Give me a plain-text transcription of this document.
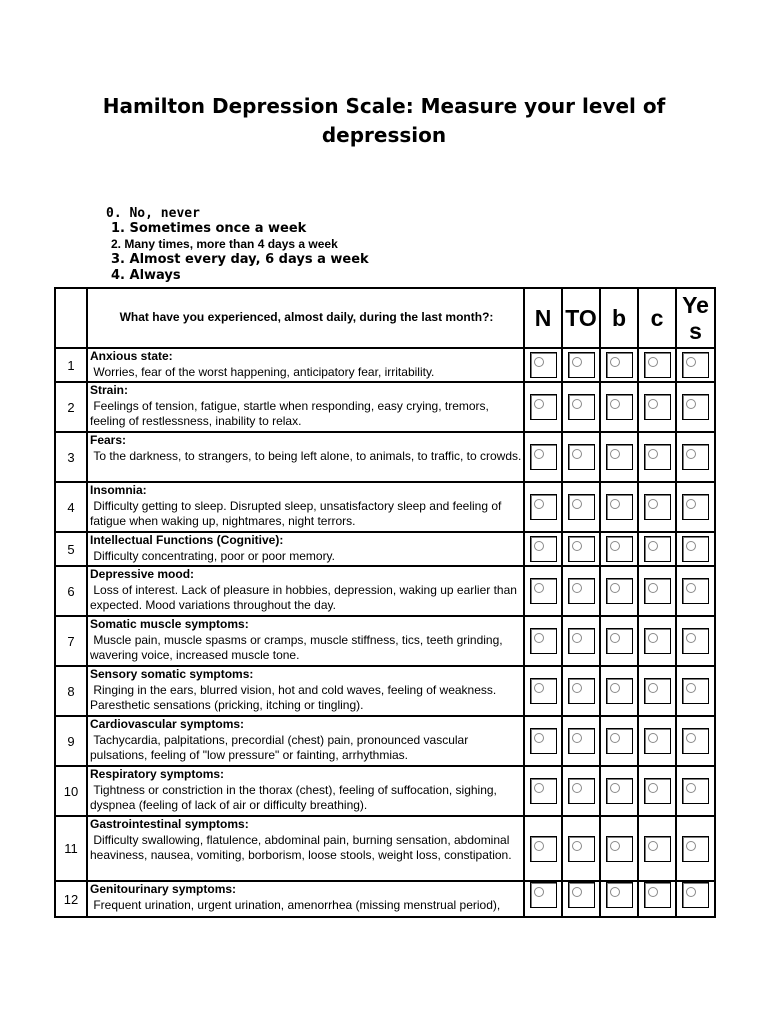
Hamilton Depression Scale: Measure your level of depression
0. No, never
1. Sometimes once a week
2. Many times, more than 4 days a week
3. Almost every day, 6 days a week
4. Always
	What have you experienced, almost daily, during the last month?:	N	TO	b	c	Ye s
1	Anxious state:
Worries, fear of the worst happening, anticipatory fear, irritability.	

2	Strain:
Feelings of tension, fatigue, startle when responding, easy crying, tremors, feeling of restlessness, inability to relax.	

3	Fears:
To the darkness, to strangers, to being left alone, to animals, to traffic, to crowds.	

4	Insomnia:
Difficulty getting to sleep. Disrupted sleep, unsatisfactory sleep and feeling of fatigue when waking up, nightmares, night terrors.	

5	Intellectual Functions (Cognitive):
Difficulty concentrating, poor or poor memory.	

6	Depressive mood:
Loss of interest. Lack of pleasure in hobbies, depression, waking up earlier than expected. Mood variations throughout the day.	

7	Somatic muscle symptoms:
Muscle pain, muscle spasms or cramps, muscle stiffness, tics, teeth grinding, wavering voice, increased muscle tone.	

8	Sensory somatic symptoms:
Ringing in the ears, blurred vision, hot and cold waves, feeling of weakness. Paresthetic sensations (pricking, itching or tingling).	

9	Cardiovascular symptoms:
Tachycardia, palpitations, precordial (chest) pain, pronounced vascular pulsations, feeling of "low pressure" or fainting, arrhythmias.	

10	Respiratory symptoms:
Tightness or constriction in the thorax (chest), feeling of suffocation, sighing, dyspnea (feeling of lack of air or difficulty breathing).	

11	Gastrointestinal symptoms:
Difficulty swallowing, flatulence, abdominal pain, burning sensation, abdominal heaviness, nausea, vomiting, borborism, loose stools, weight loss, constipation.	

12	Genitourinary symptoms:
Frequent urination, urgent urination, amenorrhea (missing menstrual period),	
